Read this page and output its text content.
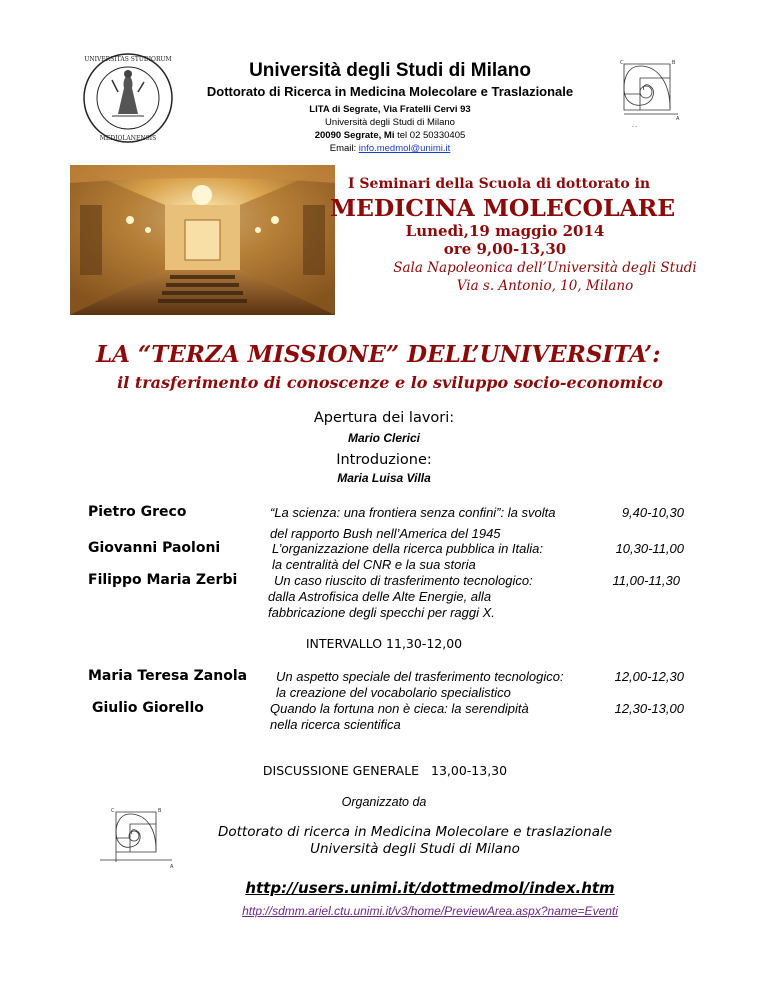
UNIVERSITAS STUDIORUM
MEDIOLANENSIS
Università degli Studi di Milano
Dottorato di Ricerca in Medicina Molecolare e Traslazionale
LITA di Segrate, Via Fratelli Cervi 93
Università degli Studi di Milano
20090 Segrate, Mi tel 02 50330405
Email: info.medmol@unimi.it
C	B
A
- -
I Seminari della Scuola di dottorato in
MEDICINA MOLECOLARE
Lunedì,19 maggio 2014
ore 9,00-13,30
Sala Napoleonica dell’Università degli Studi
Via s. Antonio, 10, Milano
LA “TERZA MISSIONE” DELL’UNIVERSITA’:
il trasferimento di conoscenze e lo sviluppo socio-economico
Apertura dei lavori:
Mario Clerici
Introduzione:
Maria Luisa Villa
Pietro Greco	“La scienza: una frontiera senza confini”: la svolta
del rapporto Bush nell’America del 1945
9,40-10,30
Giovanni Paoloni	L’organizzazione della ricerca pubblica in Italia:
la centralità del CNR e la sua storia
10,30-11,00
Filippo Maria Zerbi	Un caso riuscito di trasferimento tecnologico:
dalla Astrofisica delle Alte Energie, alla
fabbricazione degli specchi per raggi X.
11,00-11,30
INTERVALLO 11,30-12,00
Maria Teresa Zanola Un aspetto speciale del trasferimento tecnologico:
la creazione del vocabolario specialistico
12,00-12,30
Giulio Giorello	Quando la fortuna non è cieca: la serendipità
nella ricerca scientifica
12,30-13,00
DISCUSSIONE GENERALE   13,00-13,30
Organizzato da
C	B
A
Dottorato di ricerca in Medicina Molecolare e traslazionale
Università degli Studi di Milano
http://users.unimi.it/dottmedmol/index.htm
http://sdmm.ariel.ctu.unimi.it/v3/home/PreviewArea.aspx?name=Eventi
